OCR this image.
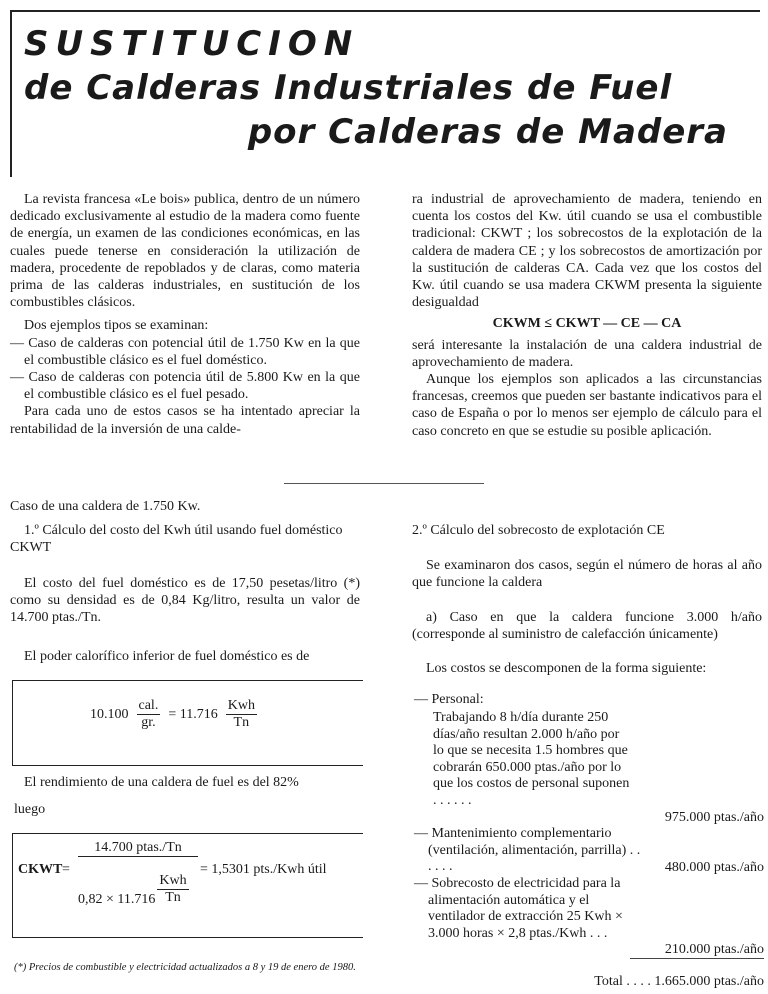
SUSTITUCION
de Calderas Industriales de Fuel
por Calderas de Madera

La revista francesa «Le bois» publica, dentro de un número dedicado exclusivamente al estudio de la madera como fuente de energía, un examen de las condiciones económicas, en las cuales puede tenerse en consideración la utilización de madera, procedente de repoblados y de claras, como materia prima de las calderas industriales, en sustitución de los combustibles clásicos.

Dos ejemplos tipos se examinan:

— Caso de calderas con potencial útil de 1.750 Kw en la que el combustible clásico es el fuel doméstico.

— Caso de calderas con potencia útil de 5.800 Kw en la que el combustible clásico es el fuel pesado.

Para cada uno de estos casos se ha intentado apreciar la rentabilidad de la inversión de una calde-

ra industrial de aprovechamiento de madera, teniendo en cuenta los costos del Kw. útil cuando se usa el combustible tradicional: CKWT ; los sobrecostos de la explotación de la caldera de madera CE ; y los sobrecostos de amortización por la sustitución de calderas CA. Cada vez que los costos del Kw. útil cuando se usa madera CKWM presenta la siguiente desigualdad

CKWM ≤ CKWT — CE — CA

será interesante la instalación de una caldera industrial de aprovechamiento de madera.

Aunque los ejemplos son aplicados a las circunstancias francesas, creemos que pueden ser bastante indicativos para el caso de España o por lo menos ser ejemplo de cálculo para el caso concreto en que se estudie su posible aplicación.

Caso de una caldera de 1.750 Kw.
1.º Cálculo del costo del Kwh útil usando fuel doméstico CKWT
El costo del fuel doméstico es de 17,50 pesetas/litro (*) como su densidad es de 0,84 Kg/litro, resulta un valor de 14.700 ptas./Tn.
El poder calorífico inferior de fuel doméstico es de
$10.100 \frac{\text{cal.}}{gr.} = 11.716 \frac{\text{Kwh}}{Tn}$
El rendimiento de una caldera de fuel es del 82%
luego
CKWT =
14.700 ptas./Tn
= 1,5301 pts./Kwh útil
$0,82 \times 11.716 \frac{\text{Kwh}}{Tn}$
(*) Precios de combustible y electricidad actualizados a 8 y 19 de enero de 1980.
2.º Cálculo del sobrecosto de explotación CE
Se examinaron dos casos, según el número de horas al año que funcione la caldera
a) Caso en que la caldera funcione 3.000 h/año (corresponde al suministro de calefacción únicamente)
Los costos se descomponen de la forma siguiente:
— Personal:
Trabajando 8 h/día durante 250 días/año resultan 2.000 h/año por lo que se necesita 1.5 hombres que cobrarán 650.000 ptas./año por lo que los costos de personal suponen . . . . . .
975.000 ptas./año
— Mantenimiento complementario (ventilación, alimentación, parrilla) . . . . . .	480.000 ptas./año
— Sobrecosto de electricidad para la alimentación automática y el ventilador de extracción 25 Kwh × 3.000 horas × 2,8 ptas./Kwh . . .
210.000 ptas./año
Total . . . . 1.665.000 ptas./año
